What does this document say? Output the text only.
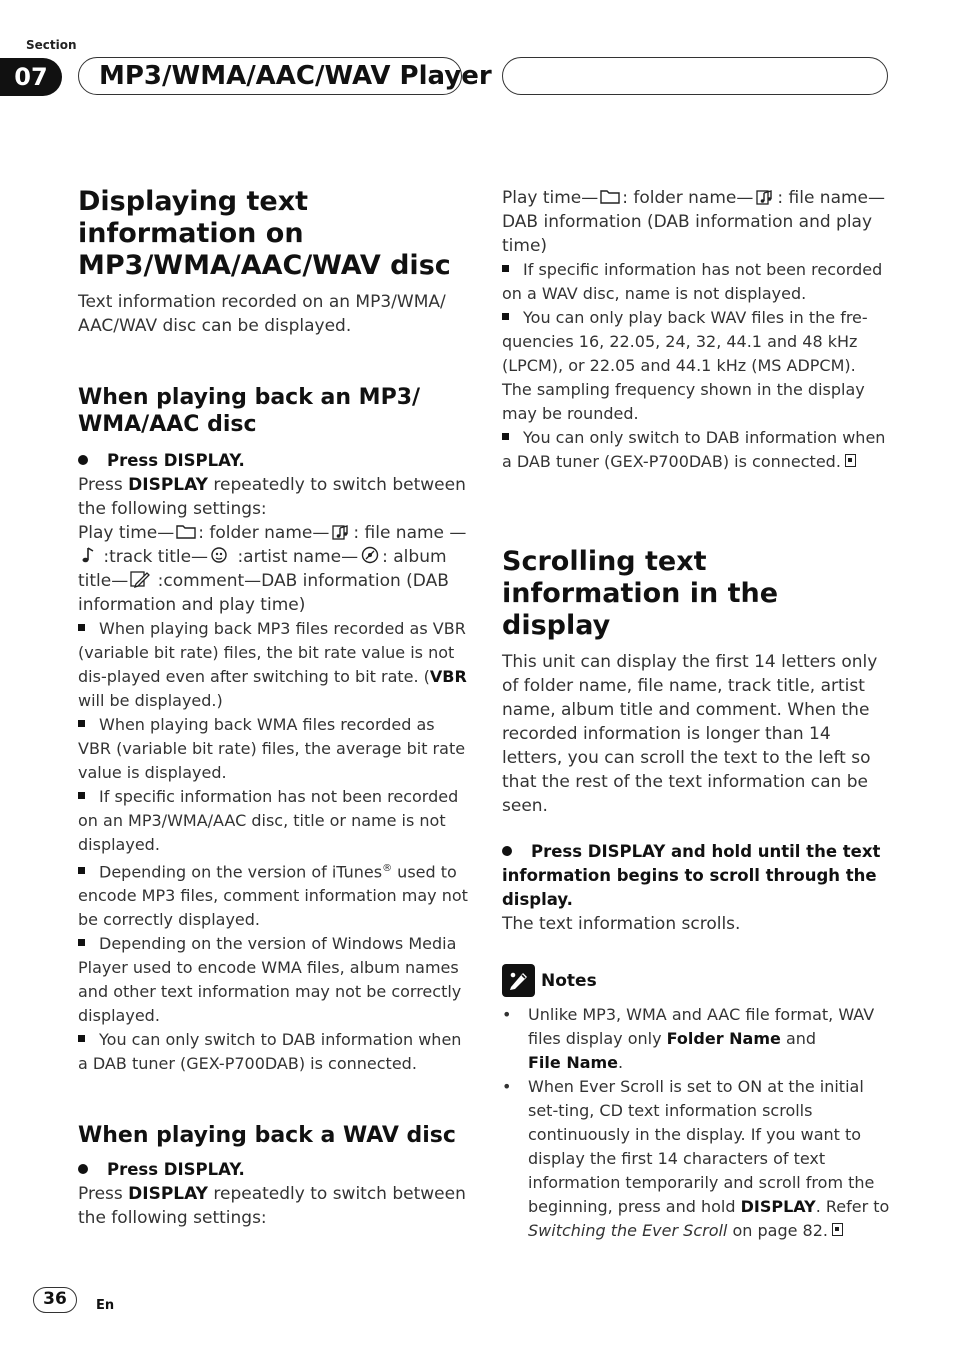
Section
07	MP3/WMA/AAC/WAV Player
Displaying text information on MP3/WMA/AAC/WAV disc

Text information recorded on an MP3/WMA/ AAC/WAV disc can be displayed.

When playing back an MP3/ WMA/AAC disc

Press DISPLAY.

Press DISPLAY repeatedly to switch between the following settings:

Play time— : folder name— : file name — :track title— :artist name— : album title— :comment—DAB information (DAB information and play time)

When playing back MP3 files recorded as VBR (variable bit rate) files, the bit rate value is not dis-played even after switching to bit rate. (VBR will be displayed.)

When playing back WMA files recorded as VBR (variable bit rate) files, the average bit rate value is displayed.

If specific information has not been recorded on an MP3/WMA/AAC disc, title or name is not displayed.

Depending on the version of iTunes® used to encode MP3 files, comment information may not be correctly displayed.

Depending on the version of Windows Media Player used to encode WMA files, album names and other text information may not be correctly displayed.

You can only switch to DAB information when a DAB tuner (GEX-P700DAB) is connected.

When playing back a WAV disc

Press DISPLAY.

Press DISPLAY repeatedly to switch between the following settings:

Play time— : folder name— : file name—DAB information (DAB information and play time)

If specific information has not been recorded on a WAV disc, name is not displayed.

You can only play back WAV files in the fre-quencies 16, 22.05, 24, 32, 44.1 and 48 kHz (LPCM), or 22.05 and 44.1 kHz (MS ADPCM). The sampling frequency shown in the display may be rounded.

You can only switch to DAB information when a DAB tuner (GEX-P700DAB) is connected.

Scrolling text information in the display

This unit can display the first 14 letters only of folder name, file name, track title, artist name, album title and comment. When the recorded information is longer than 14 letters, you can scroll the text to the left so that the rest of the text information can be seen.

Press DISPLAY and hold until the text information begins to scroll through the display.

The text information scrolls.

Notes

• Unlike MP3, WMA and AAC file format, WAV files display only Folder Name and
File Name.

• When Ever Scroll is set to ON at the initial set-ting, CD text information scrolls continuously in the display. If you want to display the first 14 characters of text information temporarily and scroll from the beginning, press and hold DISPLAY. Refer to Switching the Ever Scroll on page 82.

36	En
